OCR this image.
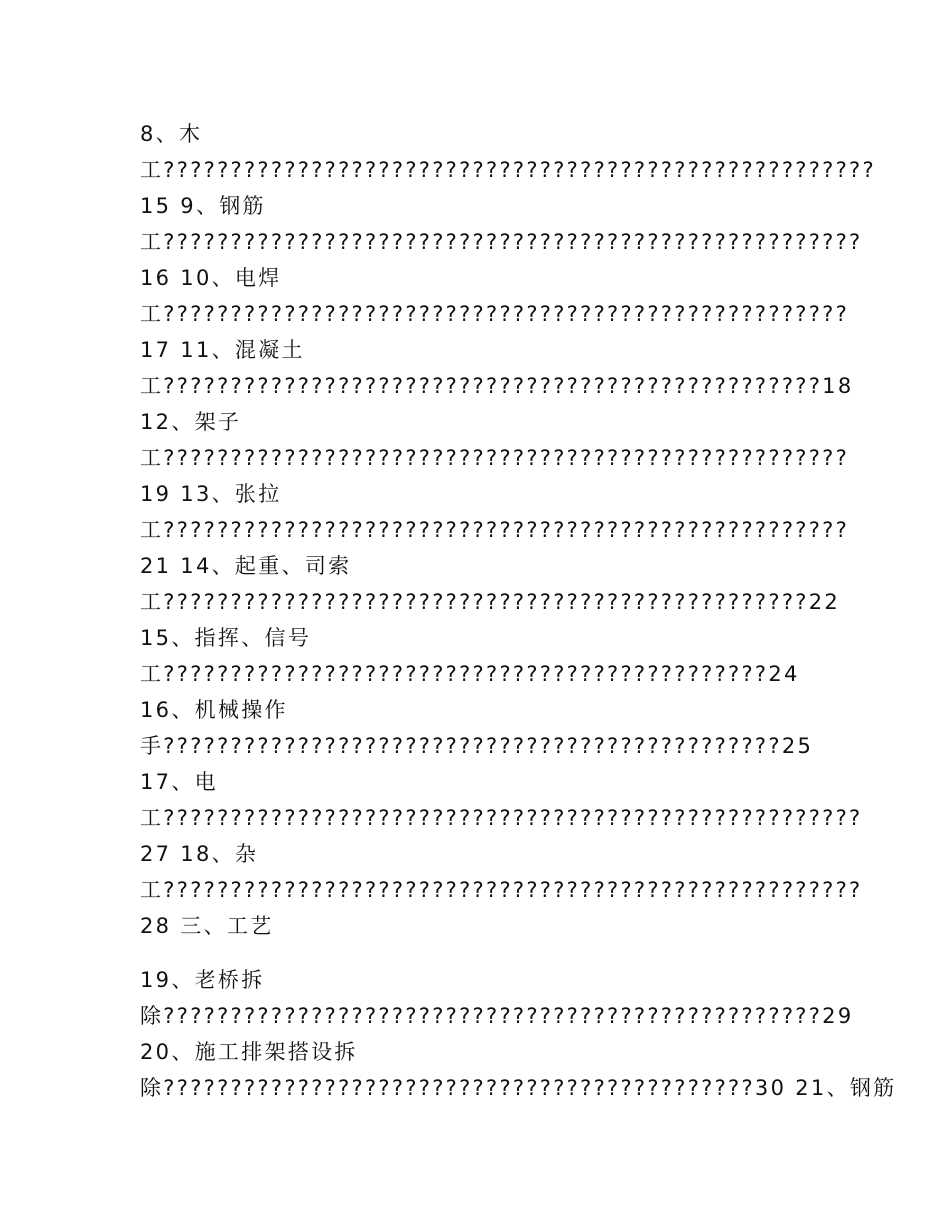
8、木
工?????????????????????????????????????????????????????
15 9、钢筋
工????????????????????????????????????????????????????
16 10、电焊
工???????????????????????????????????????????????????
17 11、混凝土
工?????????????????????????????????????????????????18
12、架子
工???????????????????????????????????????????????????
19 13、张拉
工???????????????????????????????????????????????????
21 14、起重、司索
工????????????????????????????????????????????????22
15、指挥、信号
工?????????????????????????????????????????????24
16、机械操作
手??????????????????????????????????????????????25
17、电
工????????????????????????????????????????????????????
27 18、杂
工????????????????????????????????????????????????????
28 三、工艺
19、老桥拆
除?????????????????????????????????????????????????29
20、施工排架搭设拆
除????????????????????????????????????????????30 21、钢筋
